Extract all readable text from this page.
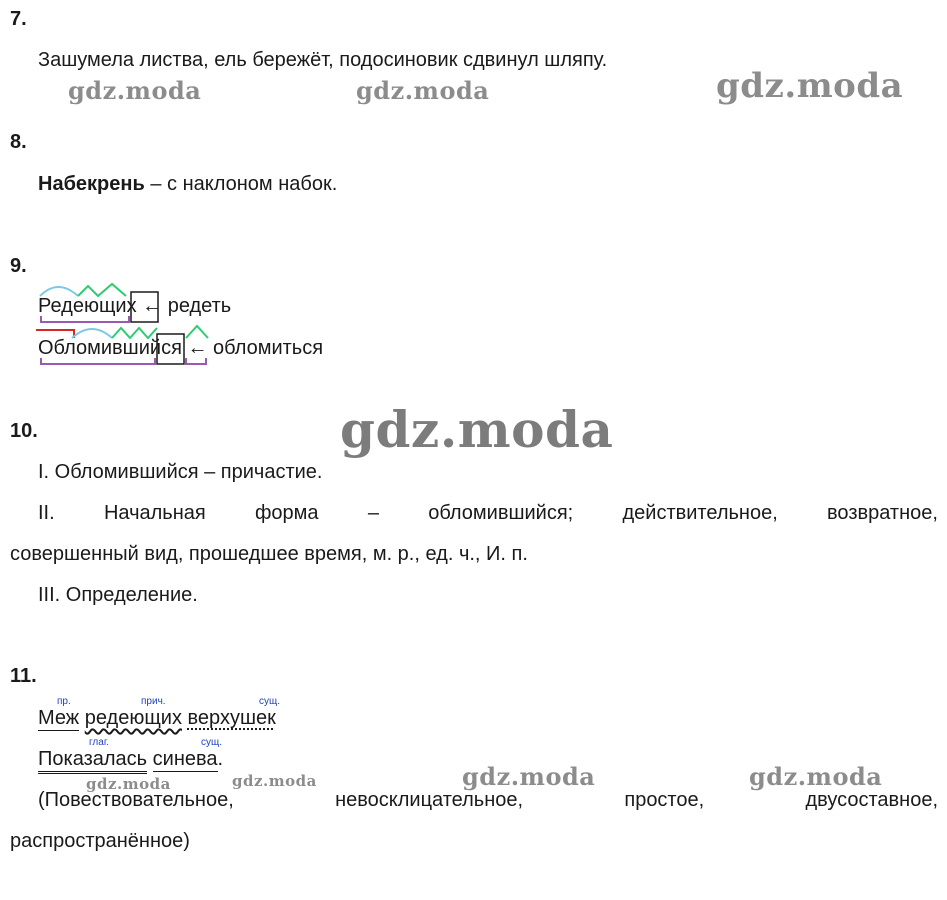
gdz.moda	gdz.moda	gdz.moda
gdz.moda
gdz.moda	gdz.moda	gdz.moda	gdz.moda
7.
Зашумела листва, ель бережёт, подосиновик сдвинул шляпу.
8.
Набекрень – с наклоном набок.
9.
Редеющих ← редеть
Обломившийся ← обломиться
10.
I. Обломившийся – причастие.
II. Начальная форма – обломившийся; действительное, возвратное,
совершенный вид, прошедшее время, м. р., ед. ч., И. п.
III. Определение.
11.
пр.	прич.	сущ.
Меж редеющих верхушек
глаг.	сущ.
Показалась синева.
(Повествовательное,	невосклицательное,	простое,	двусоставное,
распространённое)
